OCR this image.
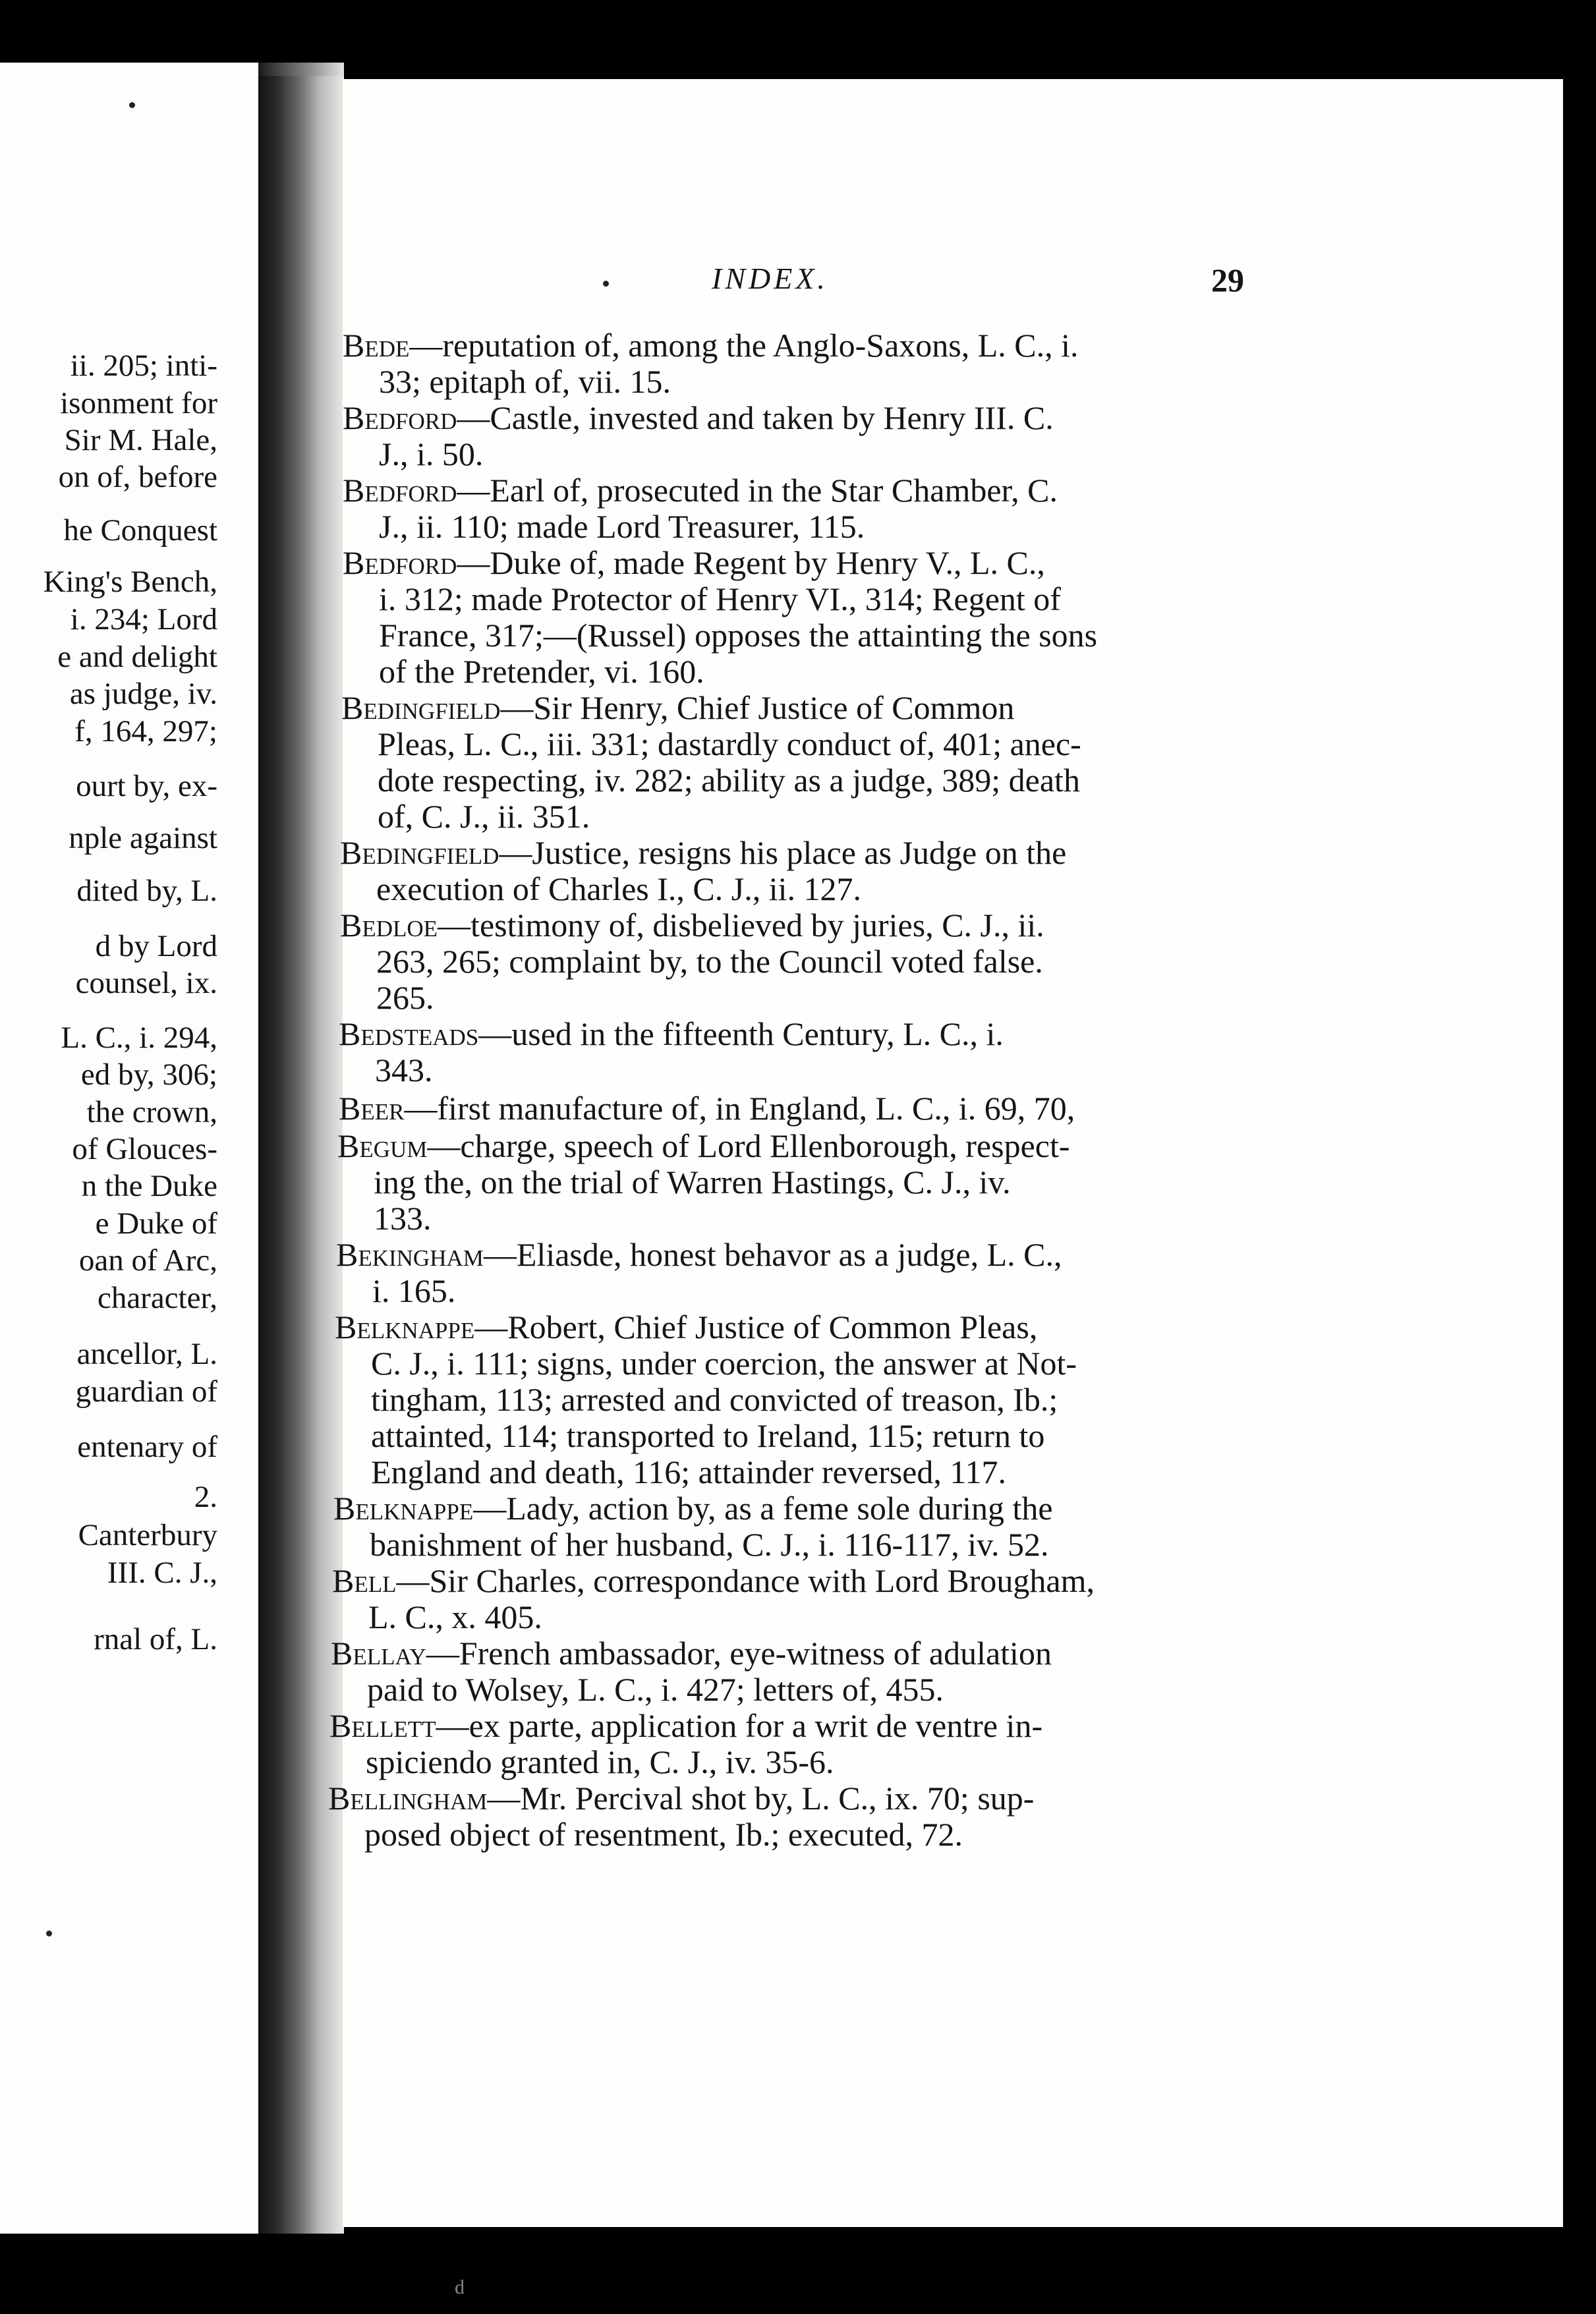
ii. 205; inti-
isonment for
Sir M. Hale,
on of, before
he Conquest
King's Bench,
i. 234; Lord
e and delight
as judge, iv.
f, 164, 297;
ourt by, ex-
nple against
dited by, L.
d by Lord
counsel, ix.
L. C., i. 294,
ed by, 306;
the crown,
of Glouces-
n the Duke
e Duke of
oan of Arc,
character,
ancellor, L.
guardian of
entenary of
2.
Canterbury
III. C. J.,
rnal of, L.
INDEX.	29
Bede—reputation of, among the Anglo-Saxons, L. C., i.
33; epitaph of, vii. 15.
Bedford—Castle, invested and taken by Henry III. C.
J., i. 50.
Bedford—Earl of, prosecuted in the Star Chamber, C.
J., ii. 110; made Lord Treasurer, 115.
Bedford—Duke of, made Regent by Henry V., L. C.,
i. 312; made Protector of Henry VI., 314; Regent of
France, 317;—(Russel) opposes the attainting the sons
of the Pretender, vi. 160.
Bedingfield—Sir Henry, Chief Justice of Common
Pleas, L. C., iii. 331; dastardly conduct of, 401; anec-
dote respecting, iv. 282; ability as a judge, 389; death
of, C. J., ii. 351.
Bedingfield—Justice, resigns his place as Judge on the
execution of Charles I., C. J., ii. 127.
Bedloe—testimony of, disbelieved by juries, C. J., ii.
263, 265; complaint by, to the Council voted false.
265.
Bedsteads—used in the fifteenth Century, L. C., i.
343.
Beer—first manufacture of, in England, L. C., i. 69, 70,
Begum—charge, speech of Lord Ellenborough, respect-
ing the, on the trial of Warren Hastings, C. J., iv.
133.
Bekingham—Eliasde, honest behavor as a judge, L. C.,
i. 165.
Belknappe—Robert, Chief Justice of Common Pleas,
C. J., i. 111; signs, under coercion, the answer at Not-
tingham, 113; arrested and convicted of treason, Ib.;
attainted, 114; transported to Ireland, 115; return to
England and death, 116; attainder reversed, 117.
Belknappe—Lady, action by, as a feme sole during the
banishment of her husband, C. J., i. 116-117, iv. 52.
Bell—Sir Charles, correspondance with Lord Brougham,
L. C., x. 405.
Bellay—French ambassador, eye-witness of adulation
paid to Wolsey, L. C., i. 427; letters of, 455.
Bellett—ex parte, application for a writ de ventre in-
spiciendo granted in, C. J., iv. 35-6.
Bellingham—Mr. Percival shot by, L. C., ix. 70; sup-
posed object of resentment, Ib.; executed, 72.
d
